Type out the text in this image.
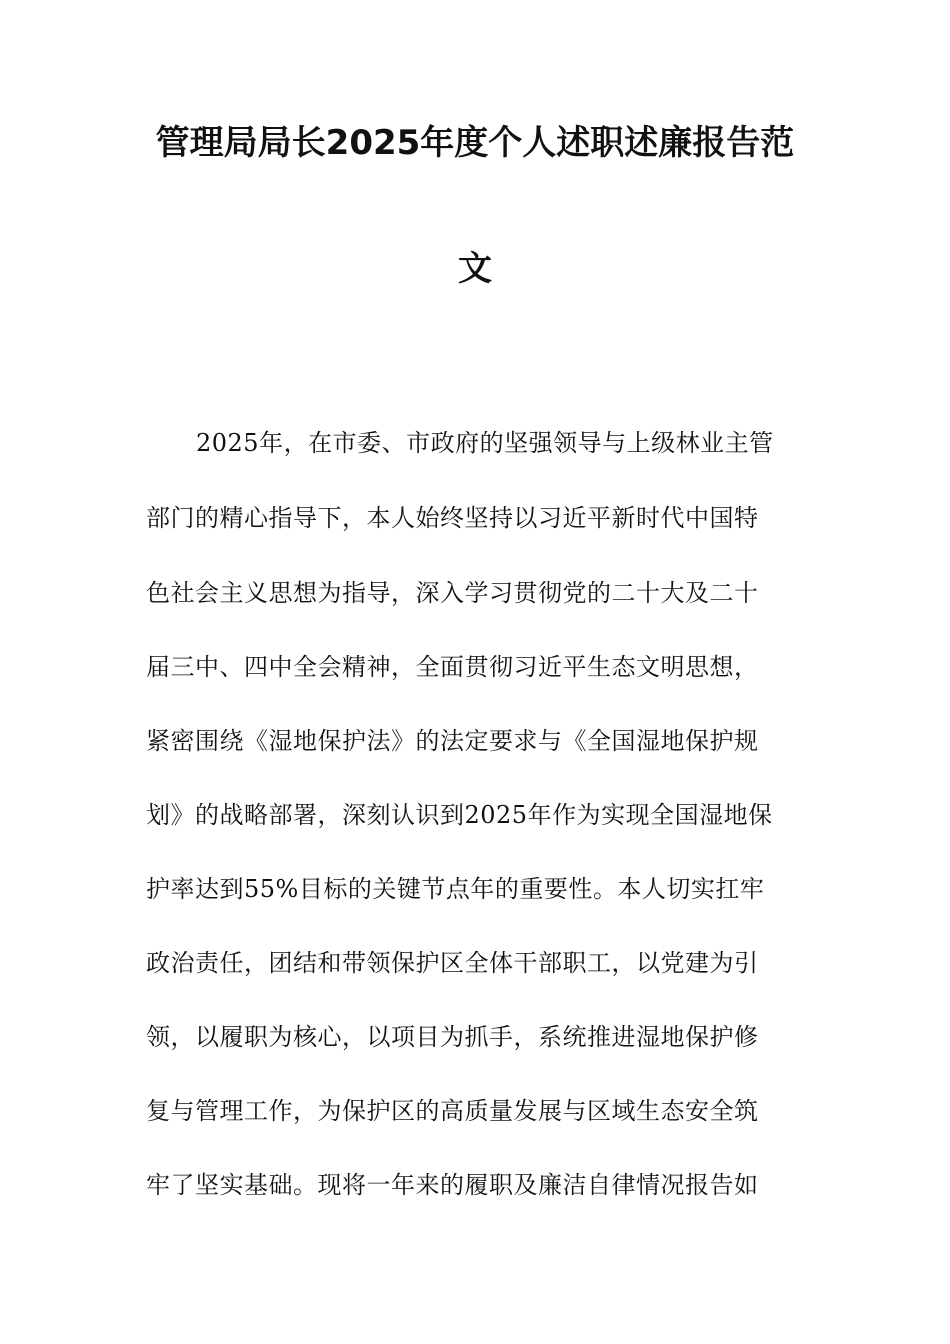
管理局局长2025年度个人述职述廉报告范
文
2025年，在市委、市政府的坚强领导与上级林业主管
部门的精心指导下，本人始终坚持以习近平新时代中国特
色社会主义思想为指导，深入学习贯彻党的二十大及二十
届三中、四中全会精神，全面贯彻习近平生态文明思想，
紧密围绕《湿地保护法》的法定要求与《全国湿地保护规
划》的战略部署，深刻认识到2025年作为实现全国湿地保
护率达到55%目标的关键节点年的重要性。本人切实扛牢
政治责任，团结和带领保护区全体干部职工，以党建为引
领，以履职为核心，以项目为抓手，系统推进湿地保护修
复与管理工作，为保护区的高质量发展与区域生态安全筑
牢了坚实基础。现将一年来的履职及廉洁自律情况报告如
